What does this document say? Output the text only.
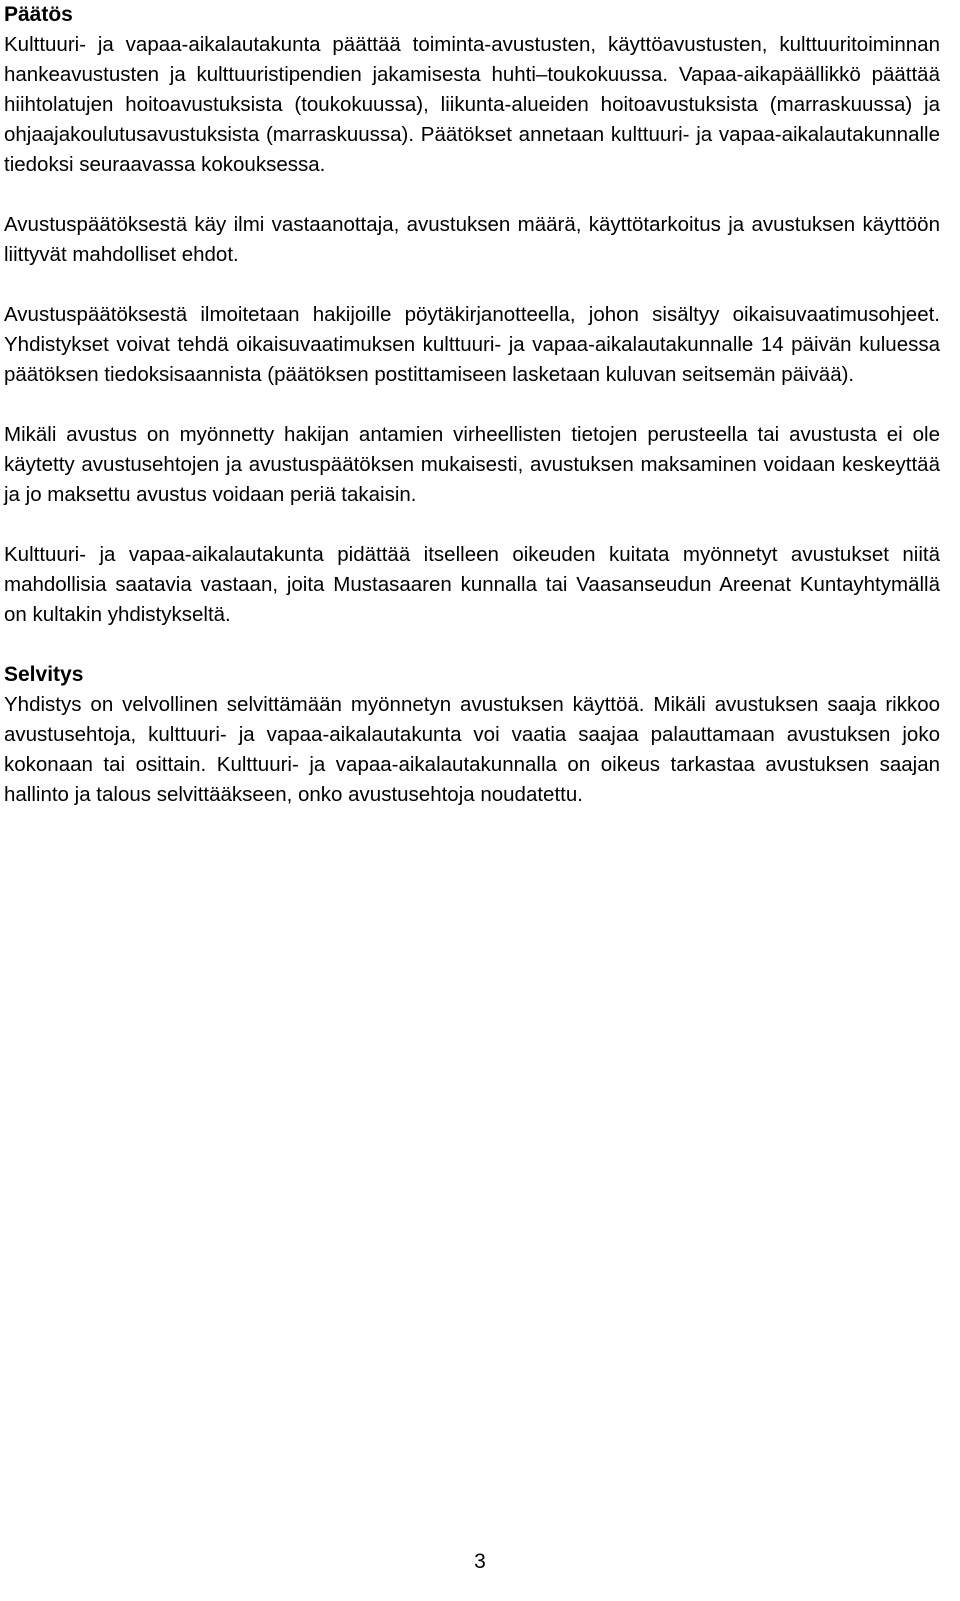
Päätös

Kulttuuri- ja vapaa-aikalautakunta päättää toiminta-avustusten, käyttöavustusten, kulttuuritoiminnan hankeavustusten ja kulttuuristipendien jakamisesta huhti–toukokuussa. Vapaa-aikapäällikkö päättää hiihtolatujen hoitoavustuksista (toukokuussa), liikunta-alueiden hoitoavustuksista (marraskuussa) ja ohjaajakoulutusavustuksista (marraskuussa). Päätökset annetaan kulttuuri- ja vapaa-aikalautakunnalle tiedoksi seuraavassa kokouksessa.

Avustuspäätöksestä käy ilmi vastaanottaja, avustuksen määrä, käyttötarkoitus ja avustuksen käyttöön liittyvät mahdolliset ehdot.

Avustuspäätöksestä ilmoitetaan hakijoille pöytäkirjanotteella, johon sisältyy oikaisuvaatimusohjeet. Yhdistykset voivat tehdä oikaisuvaatimuksen kulttuuri- ja vapaa-aikalautakunnalle 14 päivän kuluessa päätöksen tiedoksisaannista (päätöksen postittamiseen lasketaan kuluvan seitsemän päivää).

Mikäli avustus on myönnetty hakijan antamien virheellisten tietojen perusteella tai avustusta ei ole käytetty avustusehtojen ja avustuspäätöksen mukaisesti, avustuksen maksaminen voidaan keskeyttää ja jo maksettu avustus voidaan periä takaisin.

Kulttuuri- ja vapaa-aikalautakunta pidättää itselleen oikeuden kuitata myönnetyt avustukset niitä mahdollisia saatavia vastaan, joita Mustasaaren kunnalla tai Vaasanseudun Areenat Kuntayhtymällä on kultakin yhdistykseltä.

Selvitys

Yhdistys on velvollinen selvittämään myönnetyn avustuksen käyttöä. Mikäli avustuksen saaja rikkoo avustusehtoja, kulttuuri- ja vapaa-aikalautakunta voi vaatia saajaa palauttamaan avustuksen joko kokonaan tai osittain. Kulttuuri- ja vapaa-aikalautakunnalla on oikeus tarkastaa avustuksen saajan hallinto ja talous selvittääkseen, onko avustusehtoja noudatettu.

3
